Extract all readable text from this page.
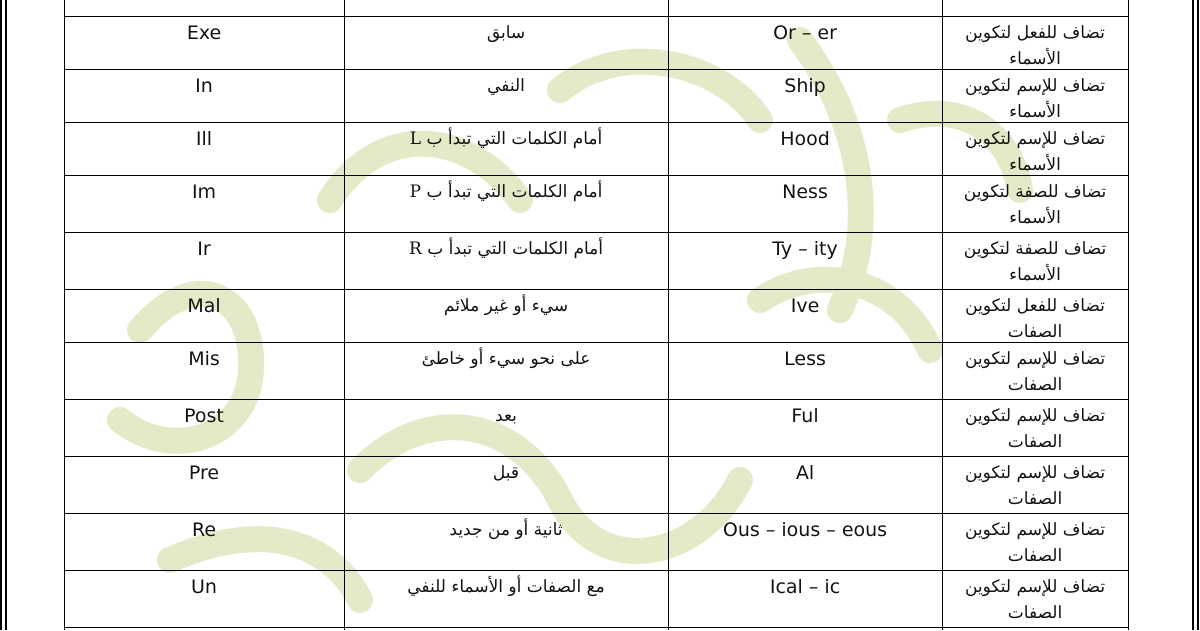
Exe	سابق	Or – er	تضاف للفعل لتكوين الأسماء
In	النفي	Ship	تضاف للإسم لتكوين الأسماء
Ill	أمام الكلمات التي تبدأ ب L	Hood	تضاف للإسم لتكوين الأسماء
Im	أمام الكلمات التي تبدأ ب P	Ness	تضاف للصفة لتكوين الأسماء
Ir	أمام الكلمات التي تبدأ ب R	Ty – ity	تضاف للصفة لتكوين الأسماء
Mal	سيء أو غير ملائم	Ive	تضاف للفعل لتكوين الصفات
Mis	على نحو سيء أو خاطئ	Less	تضاف للإسم لتكوين الصفات
Post	بعد	Ful	تضاف للإسم لتكوين الصفات
Pre	قبل	Al	تضاف للإسم لتكوين الصفات
Re	ثانية أو من جديد	Ous – ious – eous	تضاف للإسم لتكوين الصفات
Un	مع الصفات أو الأسماء للنفي	Ical – ic	تضاف للإسم لتكوين الصفات
